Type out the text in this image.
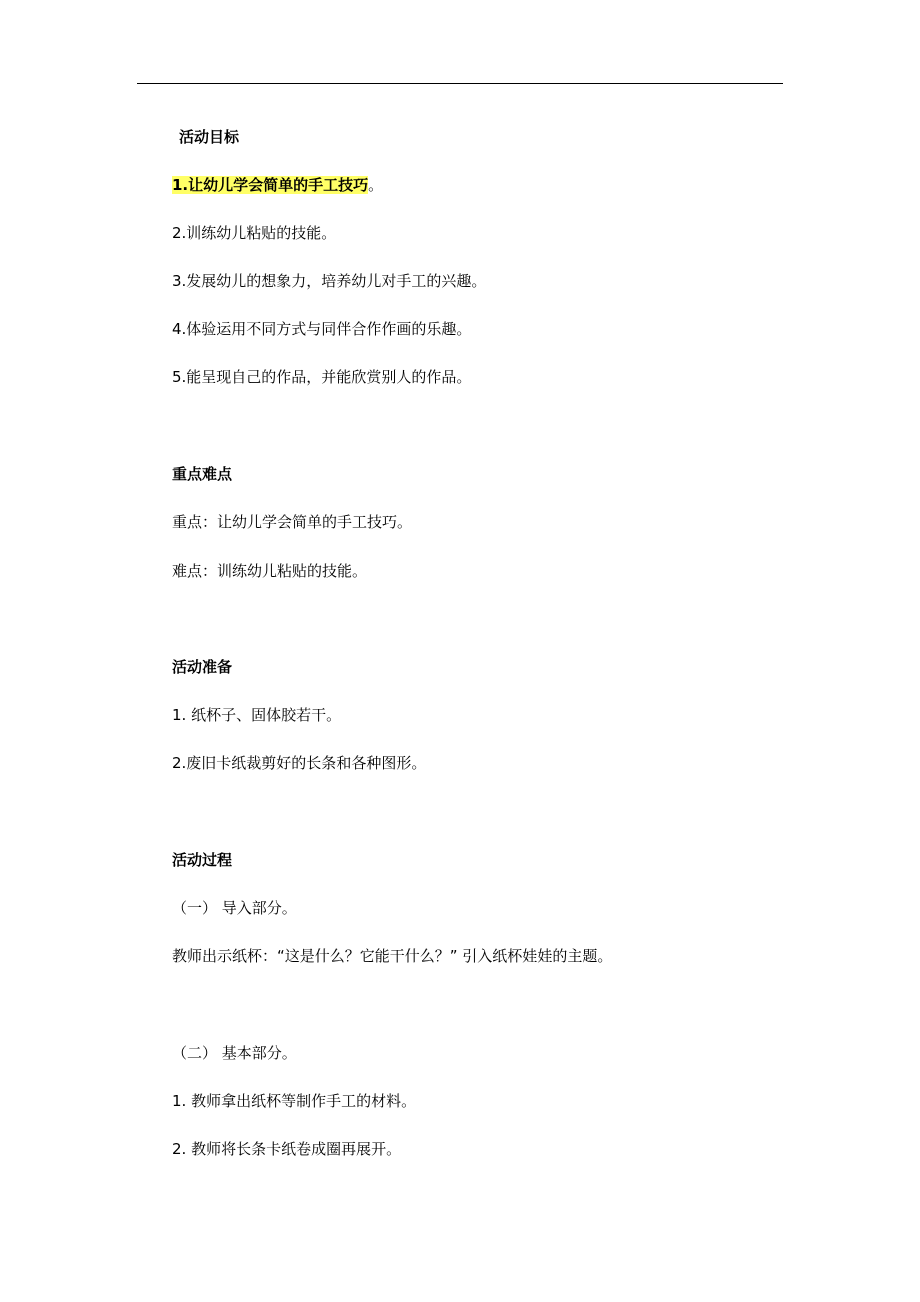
活动目标
1.让幼儿学会简单的手工技巧。
2.训练幼儿粘贴的技能。
3.发展幼儿的想象力，培养幼儿对手工的兴趣。
4.体验运用不同方式与同伴合作作画的乐趣。
5.能呈现自己的作品，并能欣赏别人的作品。
重点难点
重点：让幼儿学会简单的手工技巧。
难点：训练幼儿粘贴的技能。
活动准备
1. 纸杯子、固体胶若干。
2.废旧卡纸裁剪好的长条和各种图形。
活动过程
（一） 导入部分。
教师出示纸杯：“这是什么？它能干什么？” 引入纸杯娃娃的主题。
（二） 基本部分。
1. 教师拿出纸杯等制作手工的材料。
2. 教师将长条卡纸卷成圈再展开。
